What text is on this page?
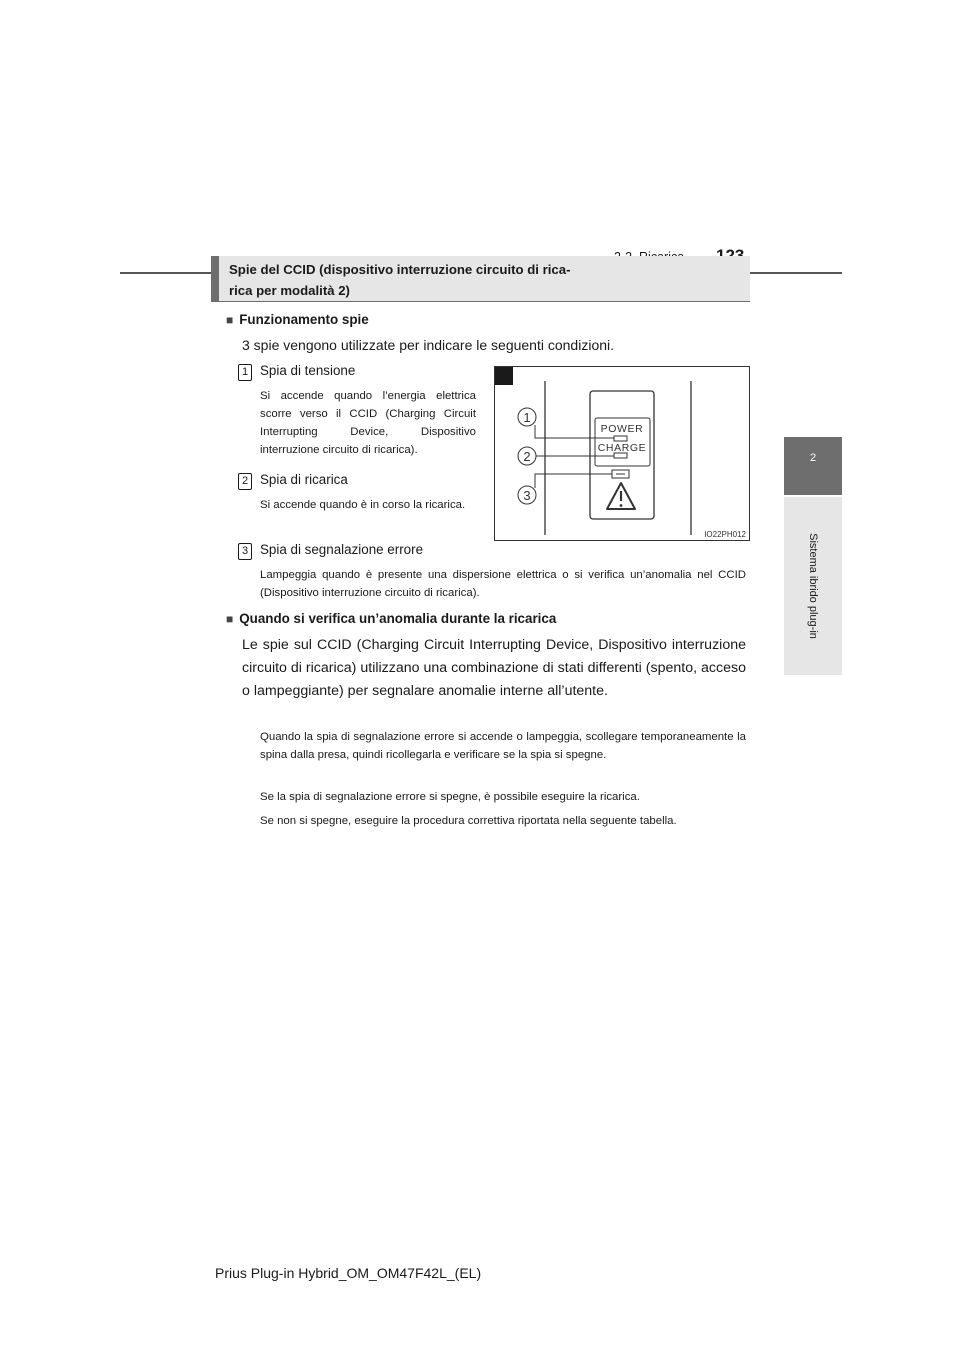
2
Sistema ibrido plug-in
Spie del CCID (dispositivo interruzione circuito di rica-
rica per modalità 2)
■ Funzionamento spie
3 spie vengono utilizzate per indicare le seguenti condizioni.
1 Spia di tensione
Si accende quando l’energia elettrica scorre verso il CCID (Charging Circuit Interrupting Device, Dispositivo interruzione circuito di ricarica).
2 Spia di ricarica
Si accende quando è in corso la ricarica.
3 Spia di segnalazione errore
Lampeggia quando è presente una dispersione elettrica o si verifica un’anomalia nel CCID (Dispositivo interruzione circuito di ricarica).
1
2
3
POWER
CHARGE
IO22PH012
■ Quando si verifica un’anomalia durante la ricarica
Le spie sul CCID (Charging Circuit Interrupting Device, Dispositivo interruzione circuito di ricarica) utilizzano una combinazione di stati differenti (spento, acceso o lampeggiante) per segnalare anomalie interne all’utente.
Quando la spia di segnalazione errore si accende o lampeggia, scollegare temporaneamente la spina dalla presa, quindi ricollegarla e verificare se la spia si spegne.
Se la spia di segnalazione errore si spegne, è possibile eseguire la ricarica.
Se non si spegne, eseguire la procedura correttiva riportata nella seguente tabella.
Prius Plug-in Hybrid_OM_OM47F42L_(EL)
